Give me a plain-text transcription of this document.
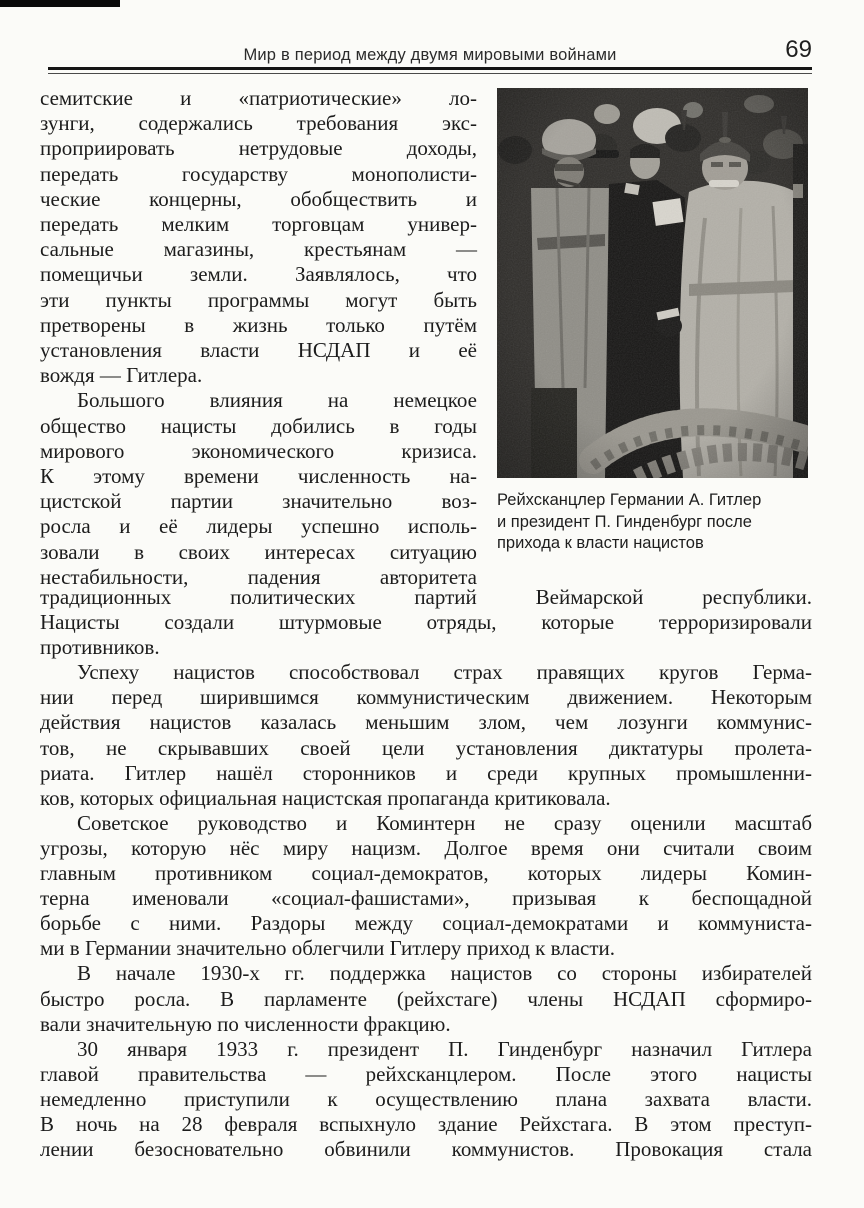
Мир в период между двумя мировыми войнами	69
семитские и «патриотические» ло-
зунги, содержались требования экс-
проприировать нетрудовые доходы,
передать государству монополисти-
ческие концерны, обобществить и
передать мелким торговцам универ-
сальные магазины, крестьянам —
помещичьи земли. Заявлялось, что
эти пункты программы могут быть
претворены в жизнь только путём
установления власти НСДАП и её
вождя — Гитлера.
Большого влияния на немецкое
общество нацисты добились в годы
мирового экономического кризиса.
К этому времени численность на-
цистской партии значительно воз-
росла и её лидеры успешно исполь-
зовали в своих интересах ситуацию
нестабильности, падения авторитета
Рейхсканцлер Германии А. Гитлер
и президент П. Гинденбург после
прихода к власти нацистов
традиционных политических партий Веймарской республики.
Нацисты создали штурмовые отряды, которые терроризировали
противников.
Успеху нацистов способствовал страх правящих кругов Герма-
нии перед ширившимся коммунистическим движением. Некоторым
действия нацистов казалась меньшим злом, чем лозунги коммунис-
тов, не скрывавших своей цели установления диктатуры пролета-
риата. Гитлер нашёл сторонников и среди крупных промышленни-
ков, которых официальная нацистская пропаганда критиковала.
Советское руководство и Коминтерн не сразу оценили масштаб
угрозы, которую нёс миру нацизм. Долгое время они считали своим
главным противником социал-демократов, которых лидеры Комин-
терна именовали «социал-фашистами», призывая к беспощадной
борьбе с ними. Раздоры между социал-демократами и коммуниста-
ми в Германии значительно облегчили Гитлеру приход к власти.
В начале 1930-х гг. поддержка нацистов со стороны избирателей
быстро росла. В парламенте (рейхстаге) члены НСДАП сформиро-
вали значительную по численности фракцию.
30 января 1933 г. президент П. Гинденбург назначил Гитлера
главой правительства — рейхсканцлером. После этого нацисты
немедленно приступили к осуществлению плана захвата власти.
В ночь на 28 февраля вспыхнуло здание Рейхстага. В этом преступ-
лении безосновательно обвинили коммунистов. Провокация стала
